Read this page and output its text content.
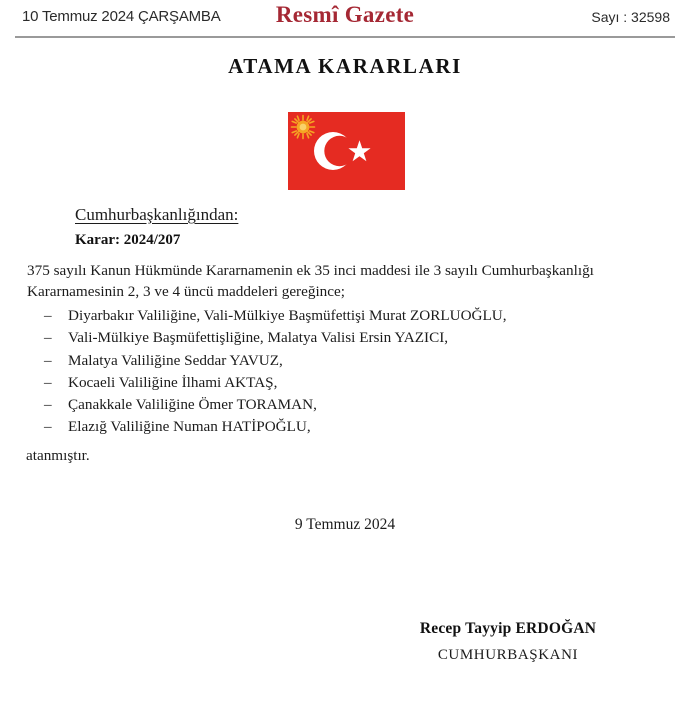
10 Temmuz 2024 ÇARŞAMBA	Resmî Gazete	Sayı : 32598
ATAMA KARARLARI
Cumhurbaşkanlığından:
Karar: 2024/207
375 sayılı Kanun Hükmünde Kararnamenin ek 35 inci maddesi ile 3 sayılı Cumhurbaşkanlığı Kararnamesinin 2, 3 ve 4 üncü maddeleri gereğince;
–	Diyarbakır Valiliğine, Vali-Mülkiye Başmüfettişi Murat ZORLUOĞLU,
–	Vali-Mülkiye Başmüfettişliğine, Malatya Valisi Ersin YAZICI,
–	Malatya Valiliğine Seddar YAVUZ,
–	Kocaeli Valiliğine İlhami AKTAŞ,
–	Çanakkale Valiliğine Ömer TORAMAN,
–	Elazığ Valiliğine Numan HATİPOĞLU,
atanmıştır.
9 Temmuz 2024
Recep Tayyip ERDOĞAN
CUMHURBAŞKANI
